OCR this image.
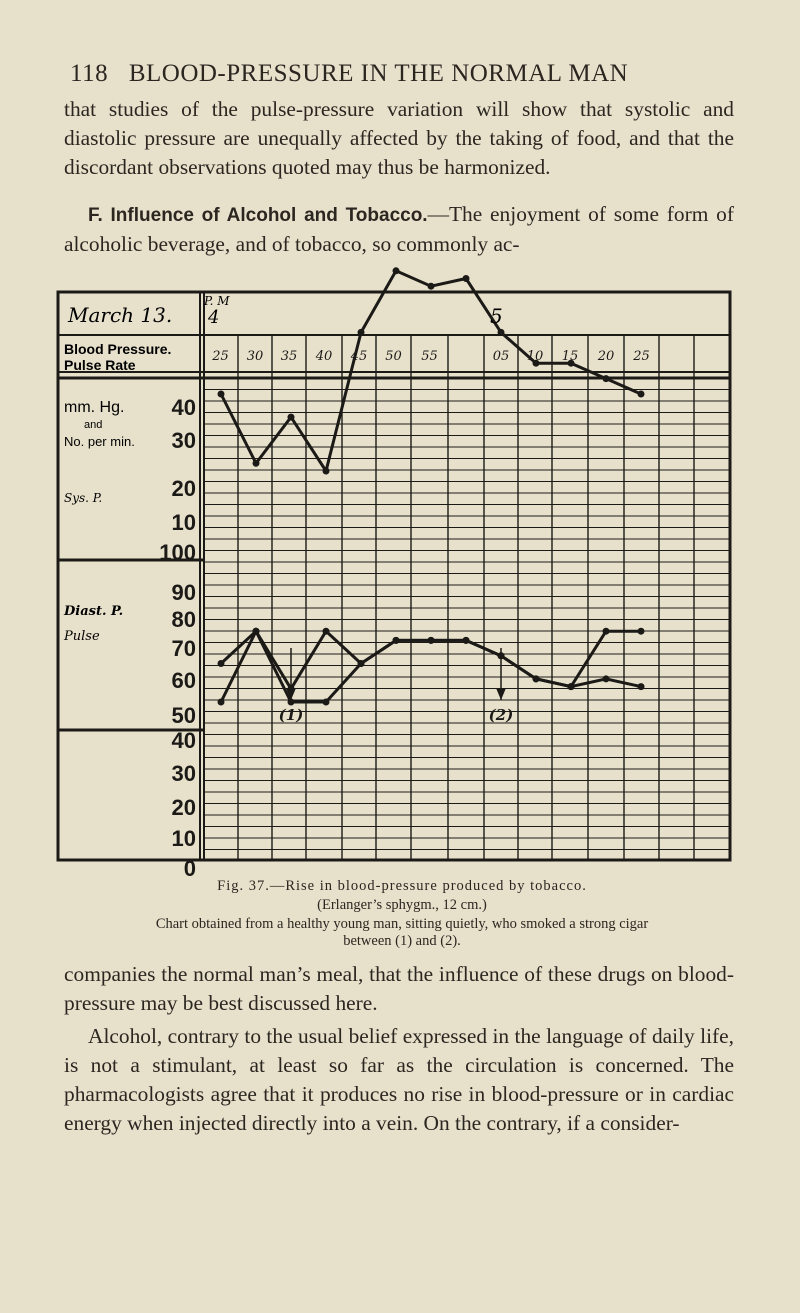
118 BLOOD-PRESSURE IN THE NORMAL MAN
that studies of the pulse-pressure variation will show that systolic and diastolic pressure are unequally affected by the taking of food, and that the discordant observations quoted may thus be harmonized.
F. Influence of Alcohol and Tobacco.—The enjoyment of some form of alcoholic beverage, and of tobacco, so commonly ac-
March 13.
P. M
4	5
Blood Pressure.
Pulse Rate
mm. Hg.
and
No. per min.
Sys. P.
Diast. P.
Pulse
25 30 35 40 45 50 55	05 10 15 20 25
40
30
20
10
100
90
80
70
60
50
40
30
20
10
0
(1)	(2)
Fig. 37.—Rise in blood-pressure produced by tobacco.
(Erlanger’s sphygm., 12 cm.)
Chart obtained from a healthy young man, sitting quietly, who smoked a strong cigar
between (1) and (2).
companies the normal man’s meal, that the influence of these drugs on blood-pressure may be best discussed here.
Alcohol, contrary to the usual belief expressed in the language of daily life, is not a stimulant, at least so far as the circulation is concerned. The pharmacologists agree that it produces no rise in blood-pressure or in cardiac energy when injected directly into a vein. On the contrary, if a consider-
